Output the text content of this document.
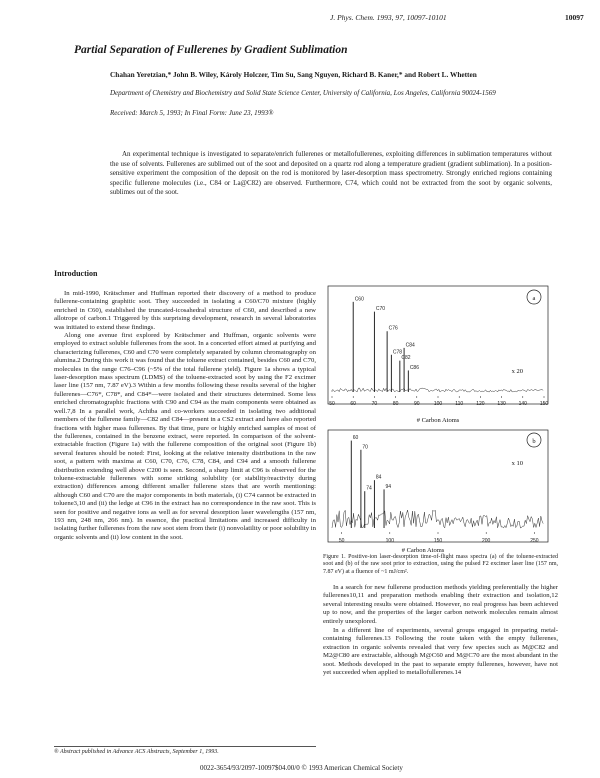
J. Phys. Chem. 1993, 97, 10097-10101	10097
Partial Separation of Fullerenes by Gradient Sublimation
Chahan Yeretzian,* John B. Wiley, Károly Holczer, Tim Su, Sang Nguyen, Richard B. Kaner,* and Robert L. Whetten
Department of Chemistry and Biochemistry and Solid State Science Center, University of California, Los Angeles, California 90024-1569
Received: March 5, 1993; In Final Form: June 23, 1993®
An experimental technique is investigated to separate/enrich fullerenes or metallofullerenes, exploiting differences in sublimation temperatures without the use of solvents. Fullerenes are sublimed out of the soot and deposited on a quartz rod along a temperature gradient (gradient sublimation). In a position-sensitive experiment the composition of the deposit on the rod is monitored by laser-desorption mass spectrometry. Strongly enriched regions containing specific fullerene molecules (i.e., C84 or La@C82) are observed. Furthermore, C74, which could not be extracted from the soot by organic solvents, sublimes out of the soot.
Introduction

In mid-1990, Krätschmer and Huffman reported their discovery of a method to produce fullerene-containing graphitic soot. They succeeded in isolating a C60/C70 mixture (highly enriched in C60), established the truncated-icosahedral structure of C60, and described a new allotrope of carbon.1 Triggered by this surprising development, research in several laboratories was initiated to extend these findings.

Along one avenue first explored by Krätschmer and Huffman, organic solvents were employed to extract soluble fullerenes from the soot. In a concerted effort aimed at purifying and characterizing fullerenes, C60 and C70 were completely separated by column chromatography on alumina.2 During this work it was found that the toluene extract contained, besides C60 and C70, molecules in the range C76–C96 (~5% of the total fullerene yield). Figure 1a shows a typical laser-desorption mass spectrum (LDMS) of the toluene-extracted soot by using the F2 excimer laser line (157 nm, 7.87 eV).3 Within a few months following these results several of the higher fullerenes—C76*, C78*, and C84*—were isolated and their structures determined. Some less enriched chromatographic fractions with C90 and C94 as the main components were obtained as well.7,8 In a parallel work, Achiba and co-workers succeeded in isolating two additional members of the fullerene family—C82 and C84—present in a CS2 extract and have also reported fractions with higher mass fullerenes. By that time, pure or highly enriched samples of most of the fullerenes, contained in the benzene extract, were reported. In comparison of the solvent-extractable fraction (Figure 1a) with the fullerene composition of the original soot (Figure 1b) several features should be noted: First, looking at the relative intensity distributions in the raw soot, a pattern with maxima at C60, C70, C76, C78, C84, and C94 and a smooth fullerene distribution extending well above C200 is seen. Second, a sharp limit at C96 is observed for the toluene-extractable fullerenes with some striking solubility (or stability/reactivity during extraction) differences among different smaller fullerene sizes that are worth mentioning: although C60 and C70 are the major components in both materials, (i) C74 cannot be extracted in toluene3,10 and (ii) the ledge at C96 in the extract has no correspondence in the raw soot. This is seen for positive and negative ions as well as for several desorption laser wavelengths (157 nm, 193 nm, 248 nm, 266 nm). In essence, the practical limitations and increased difficulty in isolating further fullerenes from the raw soot stem from their (i) nonvolatility or poor solubility in organic solvents and (ii) low content in the soot.

® Abstract published in Advance ACS Abstracts, September 1, 1993.
a
C60
C70
C76
C78
C82
C84
C86
50	60	70	80	90	100	110	120	130	140	150
x 20
# Carbon Atoms
b
60
70
74
84
94
50	100	150	200	250
x 10
# Carbon Atoms
Figure 1. Positive-ion laser-desorption time-of-flight mass spectra (a) of the toluene-extracted soot and (b) of the raw soot prior to extraction, using the pulsed F2 excimer laser line (157 nm, 7.87 eV) at a fluence of ~1 mJ/cm².

In a search for new fullerene production methods yielding preferentially the higher fullerenes10,11 and preparation methods enabling their extraction and isolation,12 several interesting results were obtained. However, no real progress has been achieved up to now, and the properties of the larger carbon network molecules remain almost entirely unexplored.

In a different line of experiments, several groups engaged in preparing metal-containing fullerenes.13 Following the route taken with the empty fullerenes, extraction in organic solvents revealed that very few species such as M@C82 and M2@C80 are extractable, although M@C60 and M@C70 are the most abundant in the soot. Methods developed in the past to separate empty fullerenes, however, have not yet succeeded when applied to metallofullerenes.14

0022-3654/93/2097-10097$04.00/0 © 1993 American Chemical Society
